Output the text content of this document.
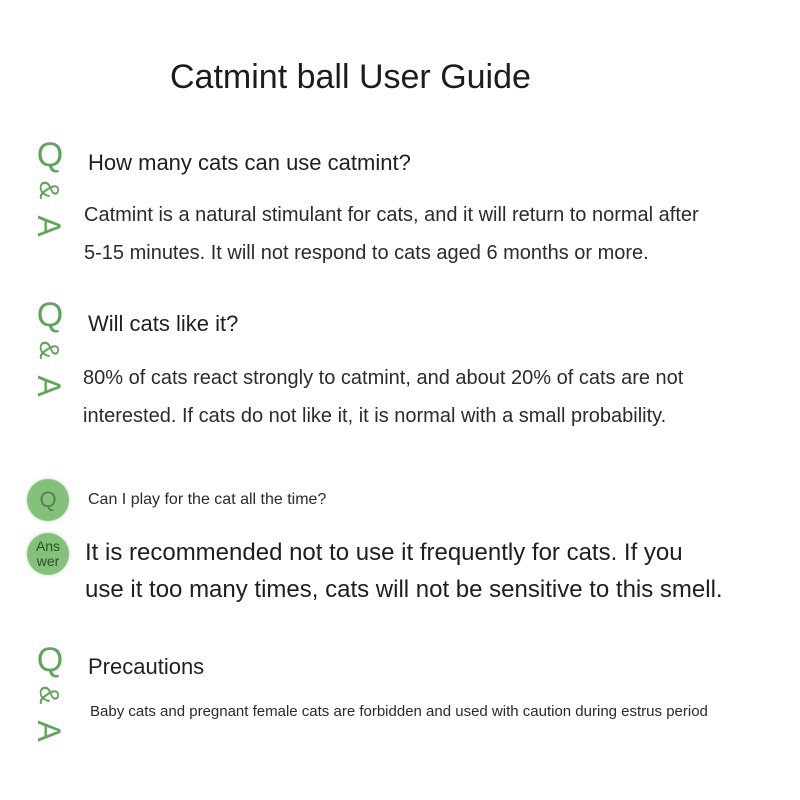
Catmint ball User Guide
Q
&
A
How many cats can use catmint?
Catmint is a natural stimulant for cats, and it will return to normal after
5-15 minutes. It will not respond to cats aged 6 months or more.
Q
&
A
Will cats like it?
80% of cats react strongly to catmint, and about 20% of cats are not
interested. If cats do not like it, it is normal with a small probability.
Q	Can I play for the cat all the time?
Ans
wer It is recommended not to use it frequently for cats. If you
use it too many times, cats will not be sensitive to this smell.
Q
&
A
Precautions
Baby cats and pregnant female cats are forbidden and used with caution during estrus period
